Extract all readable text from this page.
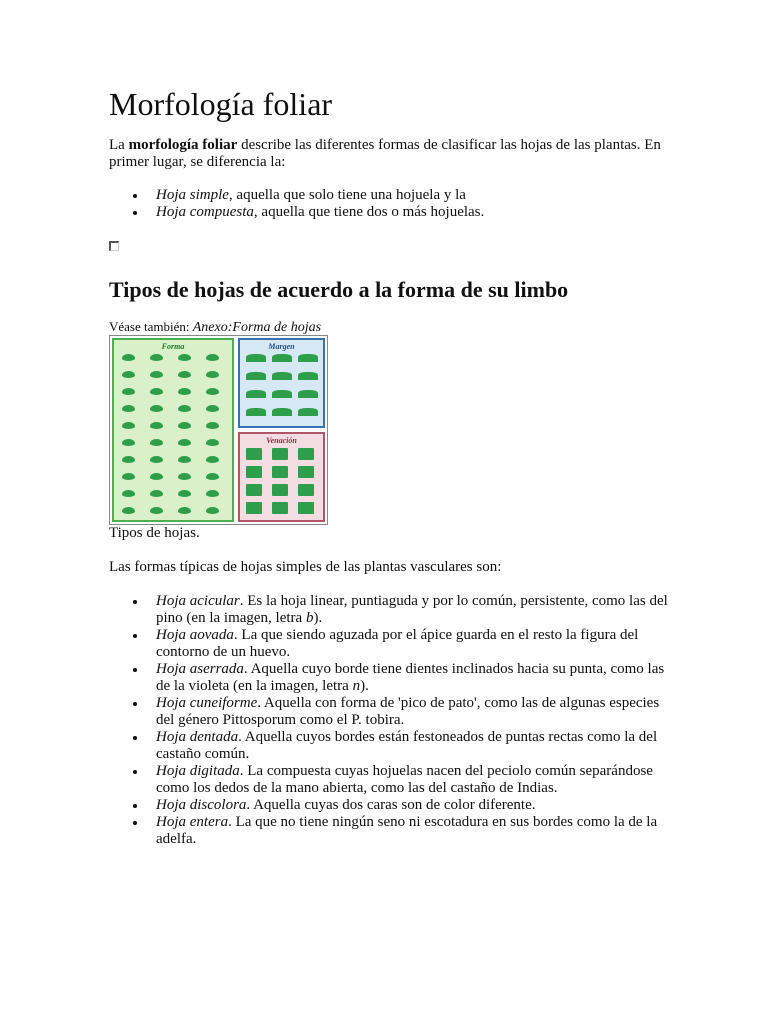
Morfología foliar

La morfología foliar describe las diferentes formas de clasificar las hojas de las plantas. En primer lugar, se diferencia la:

Hoja simple, aquella que solo tiene una hojuela y la
Hoja compuesta, aquella que tiene dos o más hojuelas.
Tipos de hojas de acuerdo a la forma de su limbo
Véase también: Anexo:Forma de hojas
Forma	Margen
Venación
Tipos de hojas.

Las formas típicas de hojas simples de las plantas vasculares son:

Hoja acicular. Es la hoja linear, puntiaguda y por lo común, persistente, como las del pino (en la imagen, letra b).
Hoja aovada. La que siendo aguzada por el ápice guarda en el resto la figura del contorno de un huevo.
Hoja aserrada. Aquella cuyo borde tiene dientes inclinados hacia su punta, como las de la violeta (en la imagen, letra n).
Hoja cuneiforme. Aquella con forma de 'pico de pato', como las de algunas especies del género Pittosporum como el P. tobira.
Hoja dentada. Aquella cuyos bordes están festoneados de puntas rectas como la del castaño común.
Hoja digitada. La compuesta cuyas hojuelas nacen del peciolo común separándose como los dedos de la mano abierta, como las del castaño de Indias.
Hoja discolora. Aquella cuyas dos caras son de color diferente.
Hoja entera. La que no tiene ningún seno ni escotadura en sus bordes como la de la adelfa.
